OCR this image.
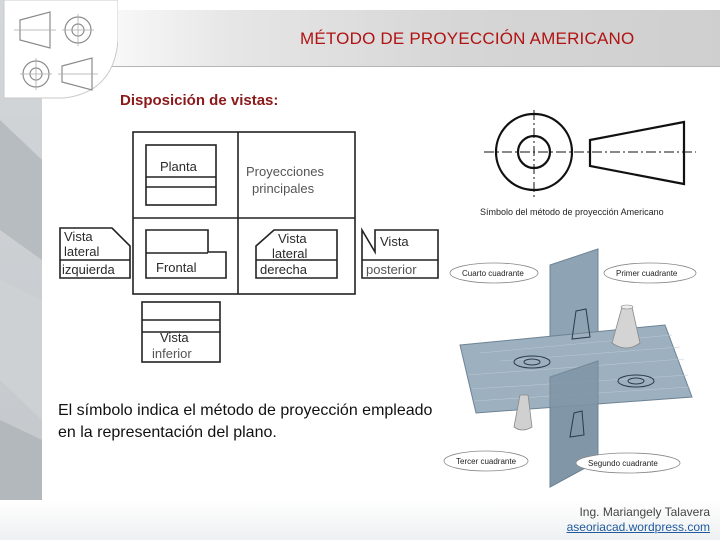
MÉTODO DE PROYECCIÓN AMERICANO
Disposición de vistas:
Planta	Proyecciones
principales
Vista
lateral
izquierda	Frontal
Vista
lateral
derecha
Vista
posterior
Vista
inferior
Símbolo del método de proyección Americano
Cuarto cuadrante	Primer cuadrante
Tercer cuadrante	Segundo cuadrante
El símbolo indica el método de proyección empleado en la representación del plano.
Ing. Mariangely Talavera
aseoriacad.wordpress.com
